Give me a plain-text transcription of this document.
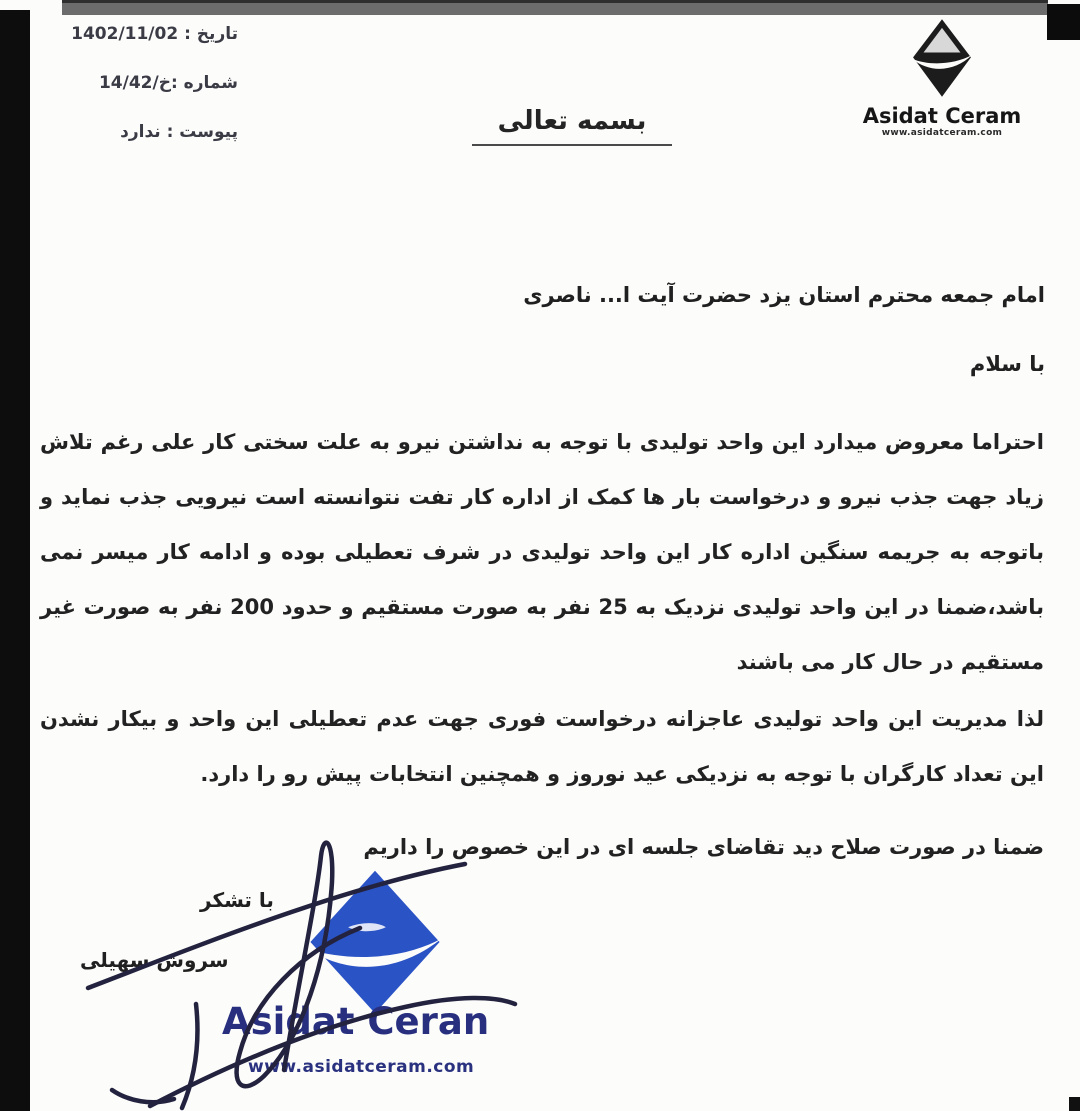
تاریخ : 1402/11/02
شماره :خ/14/42
پیوست : ندارد	بسمه تعالی	Asidat Ceram
www.asidatceram.com
امام جمعه محترم استان یزد حضرت آیت ا... ناصری
با سلام
احتراما معروض میدارد این واحد تولیدی با توجه به نداشتن نیرو به علت سختی کار علی رغم تلاش زیاد جهت جذب نیرو و درخواست بار ها کمک از اداره کار تفت نتوانسته است نیرویی جذب نماید و باتوجه به جریمه سنگین اداره کار این واحد تولیدی در شرف تعطیلی بوده و ادامه کار میسر نمی باشد،ضمنا در این واحد تولیدی نزدیک به 25 نفر به صورت مستقیم و حدود 200 نفر به صورت غیر مستقیم در حال کار می باشند
لذا مدیریت این واحد تولیدی عاجزانه درخواست فوری جهت عدم تعطیلی این واحد و بیکار نشدن این تعداد کارگران با توجه به نزدیکی عید نوروز و همچنین انتخابات پیش رو را دارد.
ضمنا در صورت صلاح دید تقاضای جلسه ای در این خصوص را داریم
با تشکر
سروش سهیلی
Asidat Ceran
www.asidatceram.com
